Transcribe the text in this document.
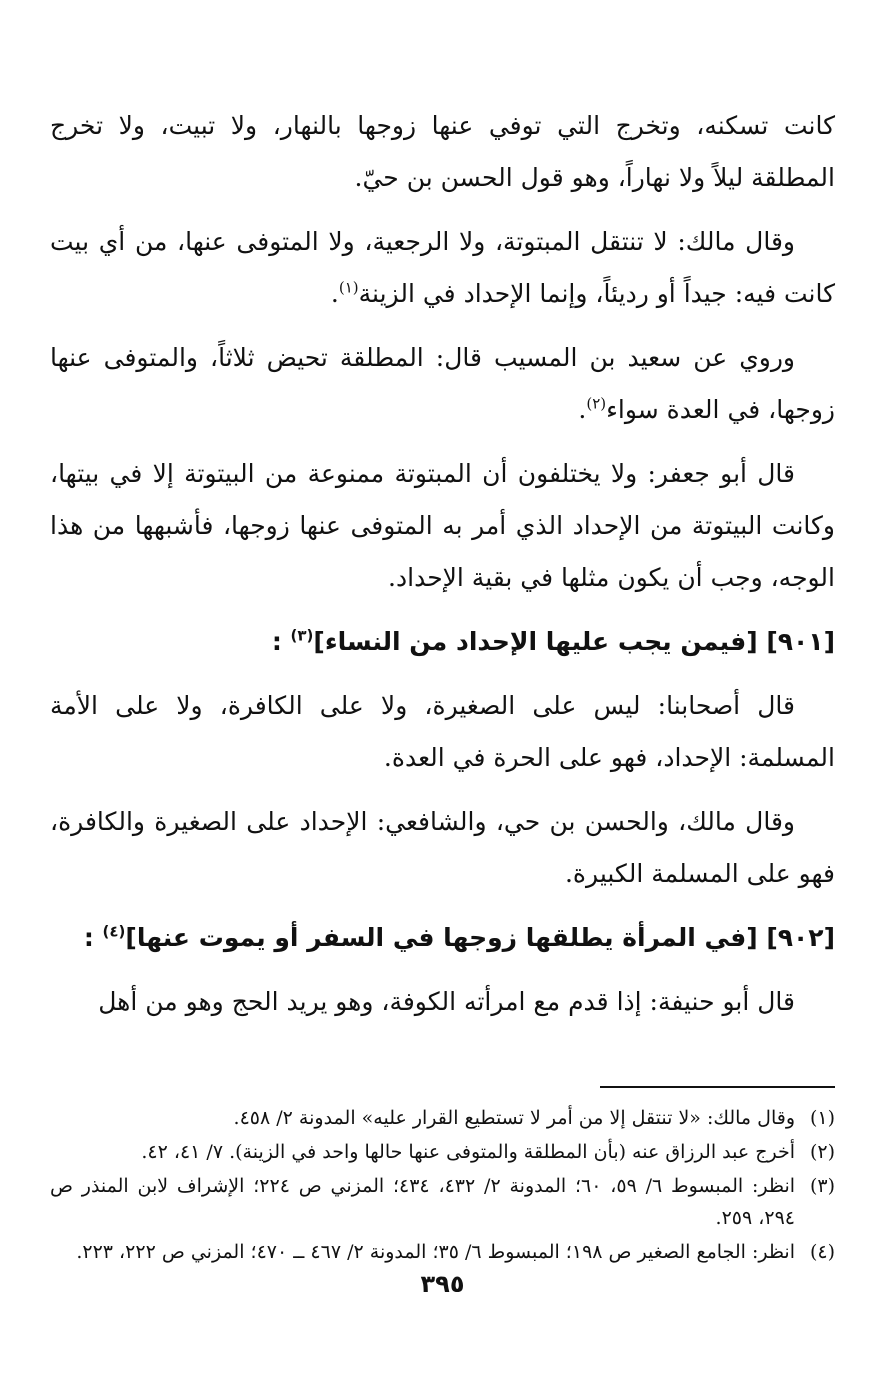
كانت تسكنه، وتخرج التي توفي عنها زوجها بالنهار، ولا تبيت، ولا تخرج المطلقة ليلاً ولا نهاراً، وهو قول الحسن بن حيّ.

وقال مالك: لا تنتقل المبتوتة، ولا الرجعية، ولا المتوفى عنها، من أي بيت كانت فيه: جيداً أو رديئاً، وإنما الإحداد في الزينة$^{(١)}$.

وروي عن سعيد بن المسيب قال: المطلقة تحيض ثلاثاً، والمتوفى عنها زوجها، في العدة سواء$^{(٢)}$.

قال أبو جعفر: ولا يختلفون أن المبتوتة ممنوعة من البيتوتة إلا في بيتها، وكانت البيتوتة من الإحداد الذي أمر به المتوفى عنها زوجها، فأشبهها من هذا الوجه، وجب أن يكون مثلها في بقية الإحداد.

[٩٠١] [فيمن يجب عليها الإحداد من النساء]$^{(٣)}$ :

قال أصحابنا: ليس على الصغيرة، ولا على الكافرة، ولا على الأمة المسلمة: الإحداد، فهو على الحرة في العدة.

وقال مالك، والحسن بن حي، والشافعي: الإحداد على الصغيرة والكافرة، فهو على المسلمة الكبيرة.

[٩٠٢] [في المرأة يطلقها زوجها في السفر أو يموت عنها]$^{(٤)}$ :

قال أبو حنيفة: إذا قدم مع امرأته الكوفة، وهو يريد الحج وهو من أهل

(١)
وقال مالك: «لا تنتقل إلا من أمر لا تستطيع القرار عليه» المدونة ٢/ ٤٥٨.
(٢)
أخرج عبد الرزاق عنه (بأن المطلقة والمتوفى عنها حالها واحد في الزينة). ٧/ ٤١، ٤٢.
(٣)
انظر: المبسوط ٦/ ٥٩، ٦٠؛ المدونة ٢/ ٤٣٢، ٤٣٤؛ المزني ص ٢٢٤؛ الإشراف لابن المنذر ص ٢٩٤، ٢٥٩.
(٤)
انظر: الجامع الصغير ص ١٩٨؛ المبسوط ٦/ ٣٥؛ المدونة ٢/ ٤٦٧ ــ ٤٧٠؛ المزني ص ٢٢٢، ٢٢٣.
٣٩٥
